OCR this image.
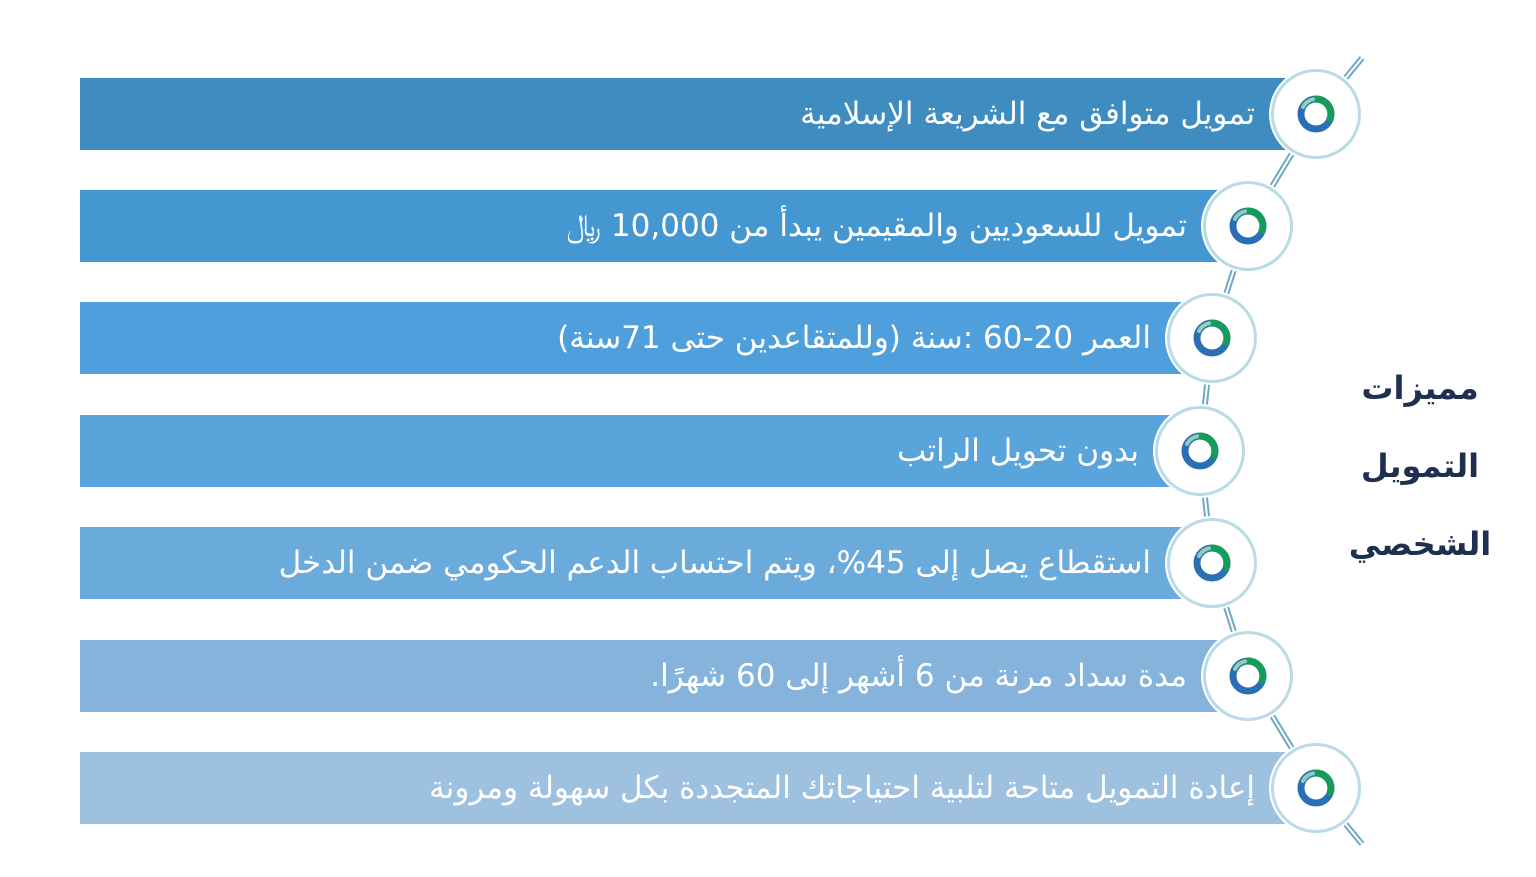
تمويل متوافق مع الشريعة الإسلامية
تمويل للسعوديين والمقيمين يبدأ من 10,000 ﷼
العمر 20-60 :سنة (وللمتقاعدين حتى 71سنة)
بدون تحويل الراتب
استقطاع يصل إلى 45%، ويتم احتساب الدعم الحكومي ضمن الدخل
مدة سداد مرنة من 6 أشهر إلى 60 شهرًا.
إعادة التمويل متاحة لتلبية احتياجاتك المتجددة بكل سهولة ومرونة
مميزات
التمويل
الشخصي
